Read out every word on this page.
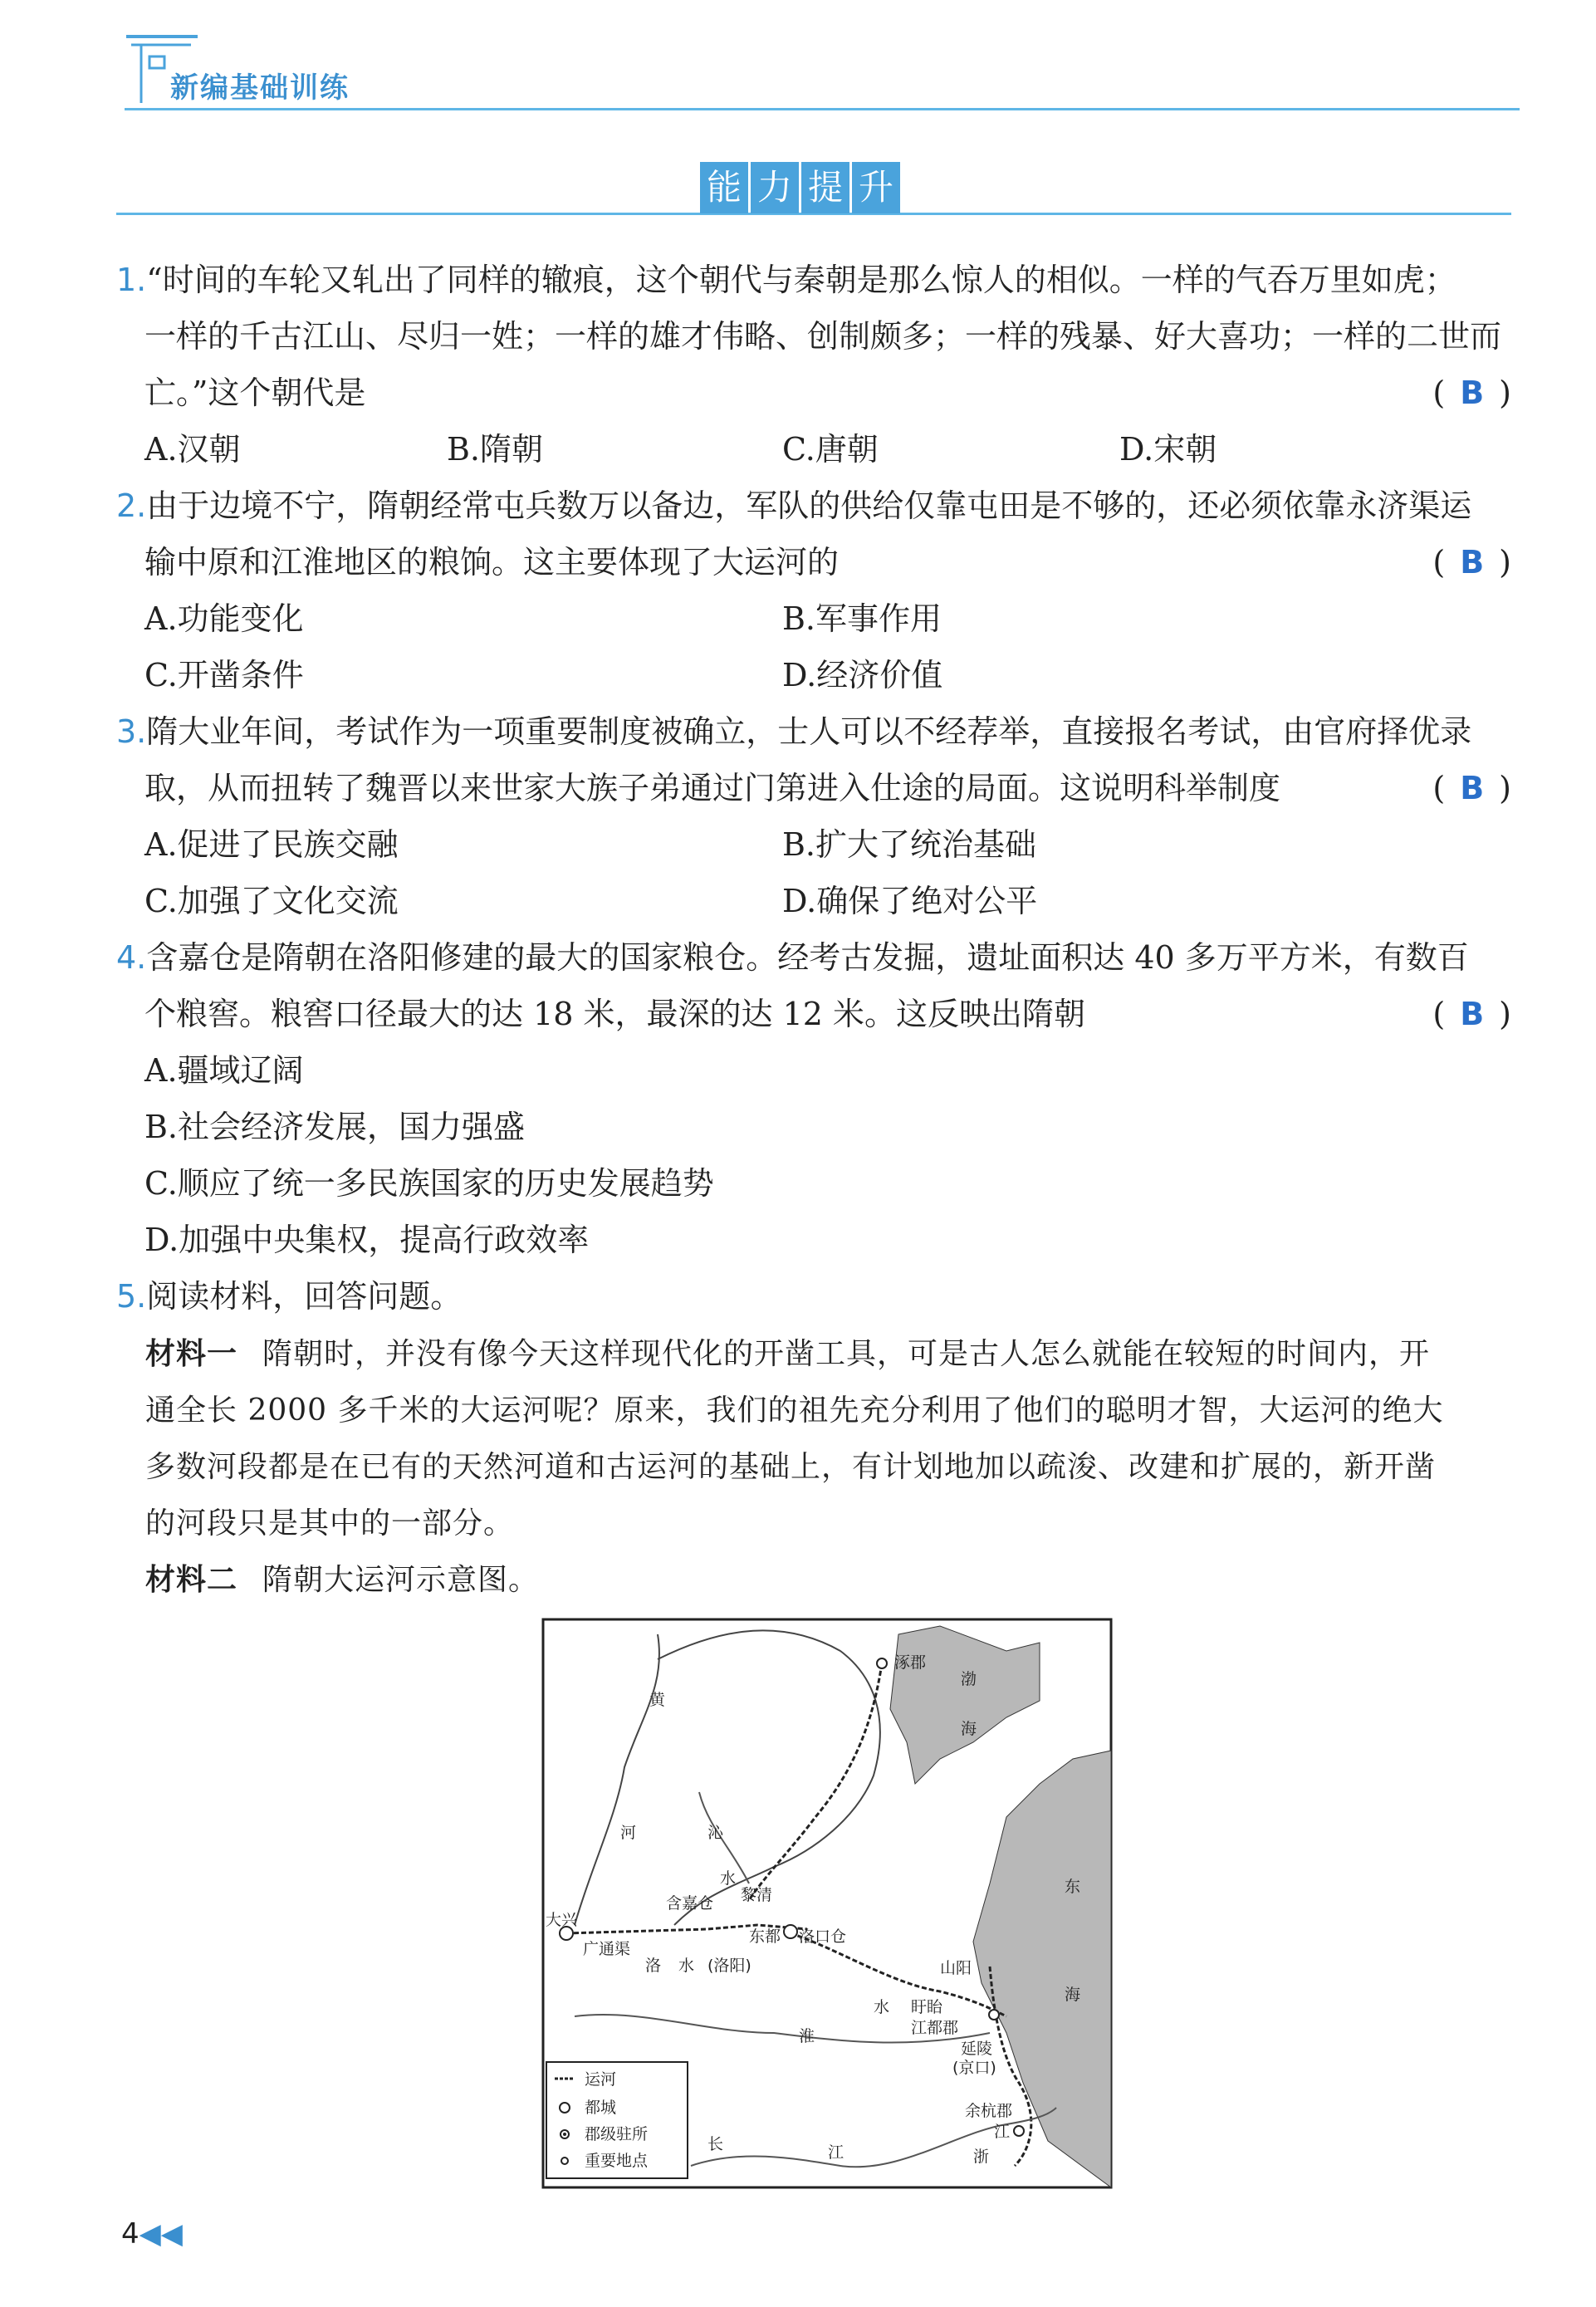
新编基础训练
能 力 提 升
1.“时间的车轮又轧出了同样的辙痕，这个朝代与秦朝是那么惊人的相似。一样的气吞万里如虎；
一样的千古江山、尽归一姓；一样的雄才伟略、创制颇多；一样的残暴、好大喜功；一样的二世而
亡。”这个朝代是	( B )
A.汉朝	B.隋朝	C.唐朝	D.宋朝
2.由于边境不宁，隋朝经常屯兵数万以备边，军队的供给仅靠屯田是不够的，还必须依靠永济渠运
输中原和江淮地区的粮饷。这主要体现了大运河的	( B )
A.功能变化	B.军事作用
C.开凿条件	D.经济价值
3.隋大业年间，考试作为一项重要制度被确立，士人可以不经荐举，直接报名考试，由官府择优录
取，从而扭转了魏晋以来世家大族子弟通过门第进入仕途的局面。这说明科举制度	( B )
A.促进了民族交融	B.扩大了统治基础
C.加强了文化交流	D.确保了绝对公平
4.含嘉仓是隋朝在洛阳修建的最大的国家粮仓。经考古发掘，遗址面积达 40 多万平方米，有数百
个粮窖。粮窖口径最大的达 18 米，最深的达 12 米。这反映出隋朝	( B )
A.疆域辽阔
B.社会经济发展，国力强盛
C.顺应了统一多民族国家的历史发展趋势
D.加强中央集权，提高行政效率
5.阅读材料，回答问题。
材料一 隋朝时，并没有像今天这样现代化的开凿工具，可是古人怎么就能在较短的时间内，开
通全长 2000 多千米的大运河呢？原来，我们的祖先充分利用了他们的聪明才智，大运河的绝大
多数河段都是在已有的天然河道和古运河的基础上，有计划地加以疏浚、改建和扩展的，新开凿
的河段只是其中的一部分。
材料二 隋朝大运河示意图。
涿郡
渤
海
黄
河	沁
水	东
海
含嘉仓 黎清
大兴
广通渠
东都 洛口仓
洛 水 (洛阳)	山阳
淮
水 盱眙
江都郡
延陵
(京口)
余杭郡
长	江
江
浙
运河
都城
郡级驻所
重要地点
4◀◀
